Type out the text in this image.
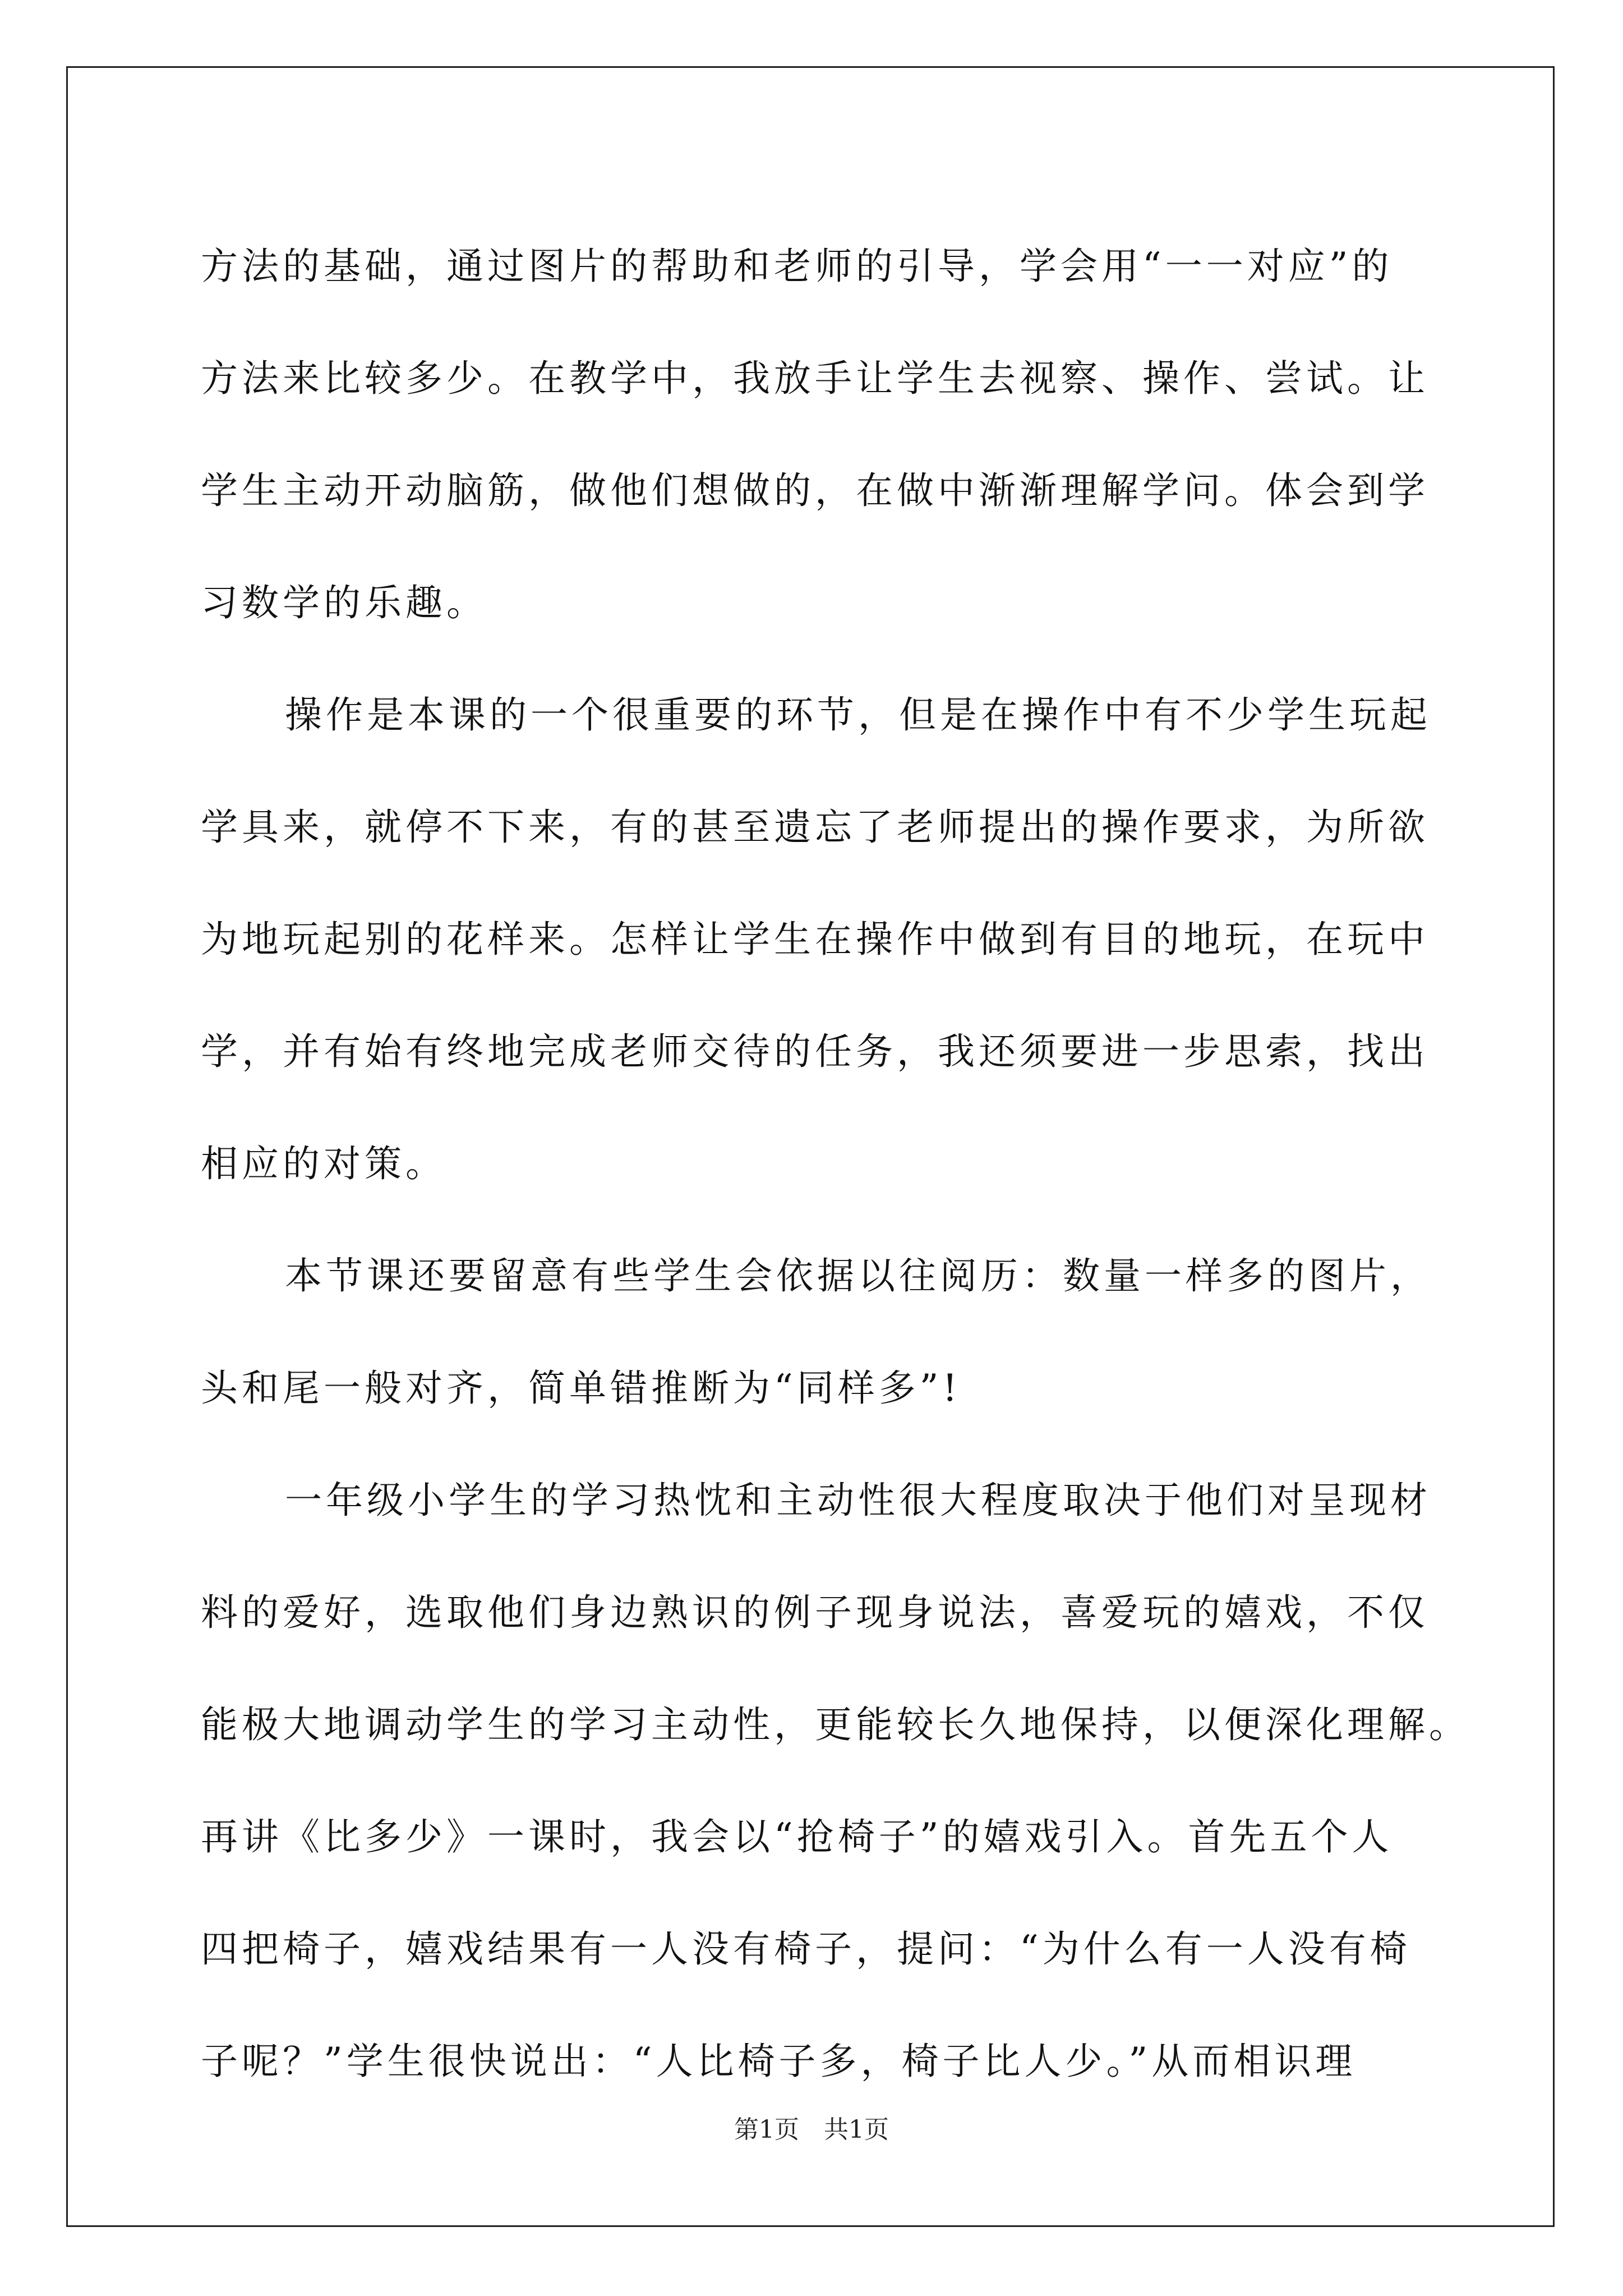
方法的基础，通过图片的帮助和老师的引导，学会用“一一对应”的
方法来比较多少。在教学中，我放手让学生去视察、操作、尝试。让
学生主动开动脑筋，做他们想做的，在做中渐渐理解学问。体会到学
习数学的乐趣。
操作是本课的一个很重要的环节，但是在操作中有不少学生玩起
学具来，就停不下来，有的甚至遗忘了老师提出的操作要求，为所欲
为地玩起别的花样来。怎样让学生在操作中做到有目的地玩，在玩中
学，并有始有终地完成老师交待的任务，我还须要进一步思索，找出
相应的对策。
本节课还要留意有些学生会依据以往阅历：数量一样多的图片，
头和尾一般对齐，简单错推断为“同样多”!
一年级小学生的学习热忱和主动性很大程度取决于他们对呈现材
料的爱好，选取他们身边熟识的例子现身说法，喜爱玩的嬉戏，不仅
能极大地调动学生的学习主动性，更能较长久地保持，以便深化理解。
再讲《比多少》一课时，我会以“抢椅子”的嬉戏引入。首先五个人
四把椅子，嬉戏结果有一人没有椅子，提问：“为什么有一人没有椅
子呢？”学生很快说出：“人比椅子多，椅子比人少。”从而相识理
第1页　共1页
